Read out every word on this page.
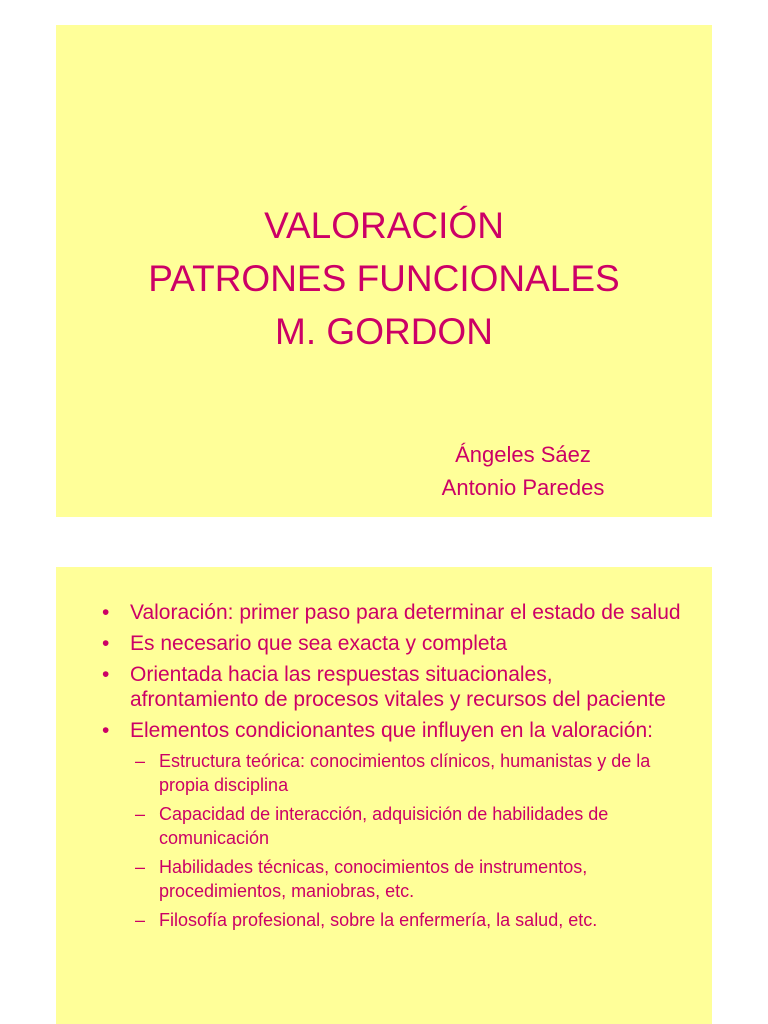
VALORACIÓN
PATRONES FUNCIONALES
M. GORDON
Ángeles Sáez
Antonio Paredes
• Valoración: primer paso para determinar el estado de salud
• Es necesario que sea exacta y completa
• Orientada hacia las respuestas situacionales, afrontamiento de procesos vitales y recursos del paciente
• Elementos condicionantes que influyen en la valoración:
– Estructura teórica: conocimientos clínicos, humanistas y de la propia disciplina
– Capacidad de interacción, adquisición de habilidades de comunicación
– Habilidades técnicas, conocimientos de instrumentos, procedimientos, maniobras, etc.
– Filosofía profesional, sobre la enfermería, la salud, etc.
